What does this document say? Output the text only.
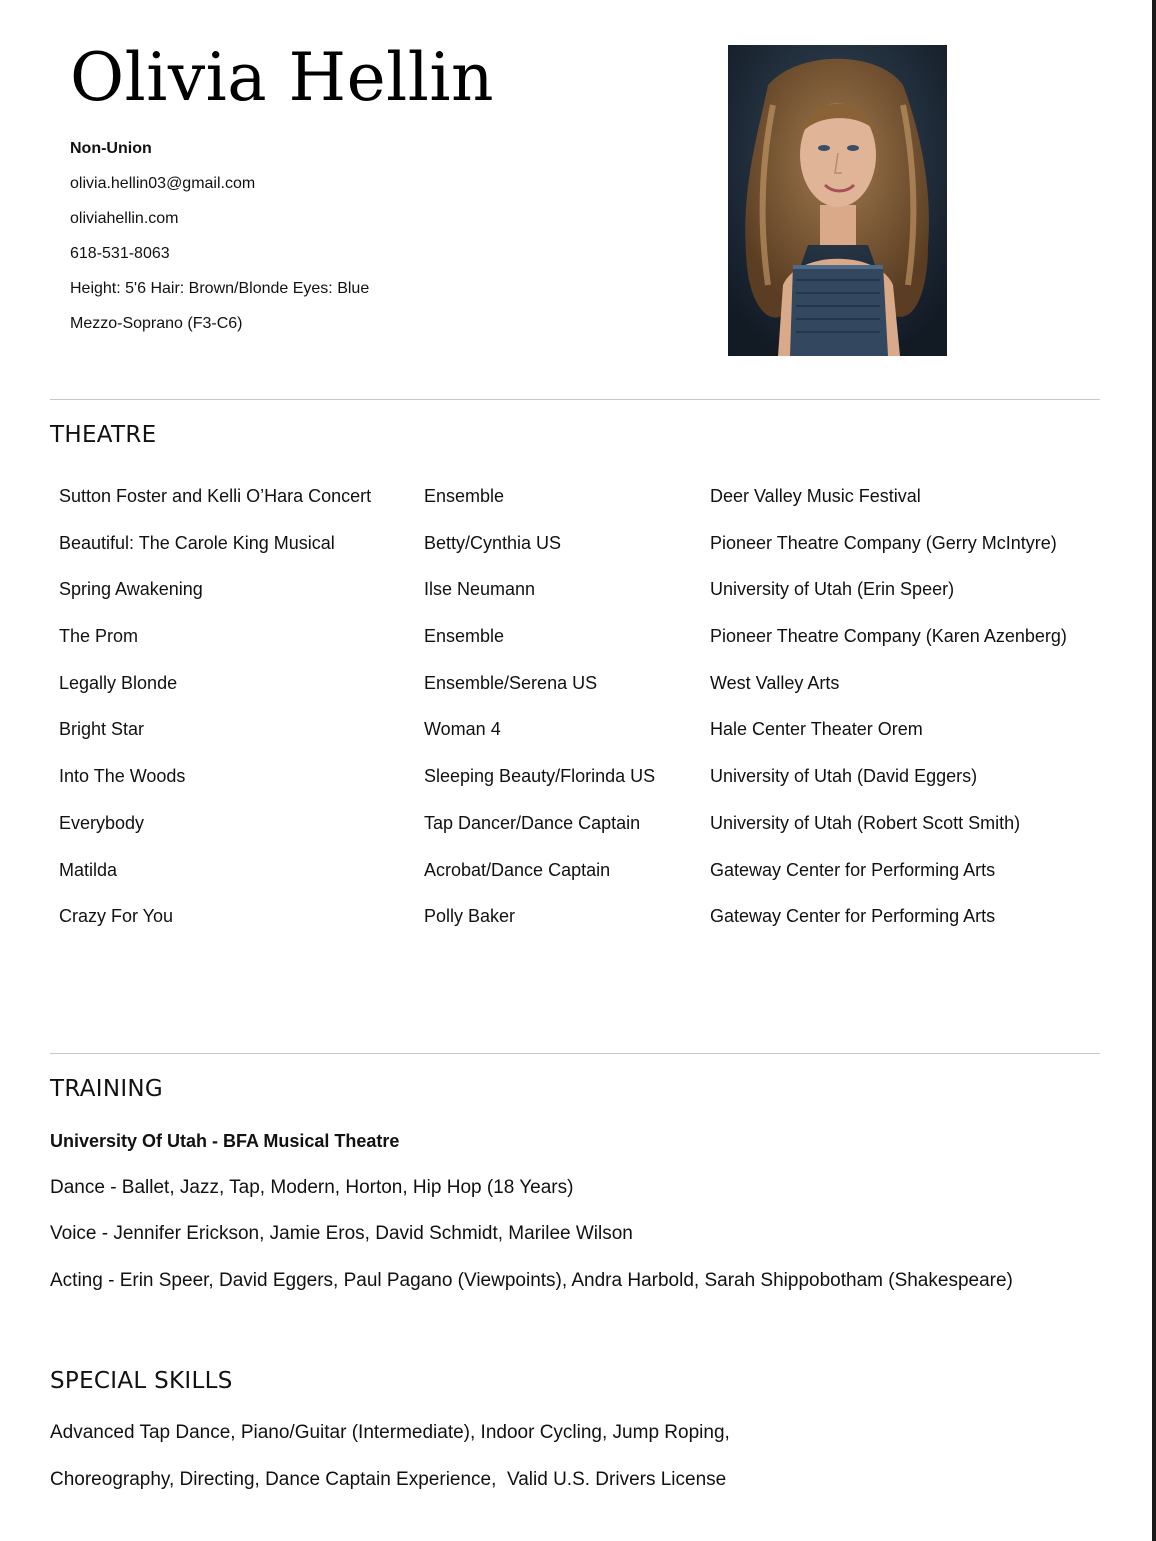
Olivia Hellin
Non-Union
olivia.hellin03@gmail.com
oliviahellin.com
618-531-8063
Height: 5'6 Hair: Brown/Blonde Eyes: Blue
Mezzo-Soprano (F3-C6)
THEATRE
Sutton Foster and Kelli O’Hara Concert	Ensemble	Deer Valley Music Festival
Beautiful: The Carole King Musical	Betty/Cynthia US	Pioneer Theatre Company (Gerry McIntyre)
Spring Awakening	Ilse Neumann	University of Utah (Erin Speer)
The Prom	Ensemble	Pioneer Theatre Company (Karen Azenberg)
Legally Blonde	Ensemble/Serena US	West Valley Arts
Bright Star	Woman 4	Hale Center Theater Orem
Into The Woods	Sleeping Beauty/Florinda US	University of Utah (David Eggers)
Everybody	Tap Dancer/Dance Captain	University of Utah (Robert Scott Smith)
Matilda	Acrobat/Dance Captain	Gateway Center for Performing Arts
Crazy For You	Polly Baker	Gateway Center for Performing Arts
TRAINING
University Of Utah - BFA Musical Theatre
Dance - Ballet, Jazz, Tap, Modern, Horton, Hip Hop (18 Years)
Voice - Jennifer Erickson, Jamie Eros, David Schmidt, Marilee Wilson
Acting - Erin Speer, David Eggers, Paul Pagano (Viewpoints), Andra Harbold, Sarah Shippobotham (Shakespeare)
SPECIAL SKILLS
Advanced Tap Dance, Piano/Guitar (Intermediate), Indoor Cycling, Jump Roping,
Choreography, Directing, Dance Captain Experience,  Valid U.S. Drivers License
